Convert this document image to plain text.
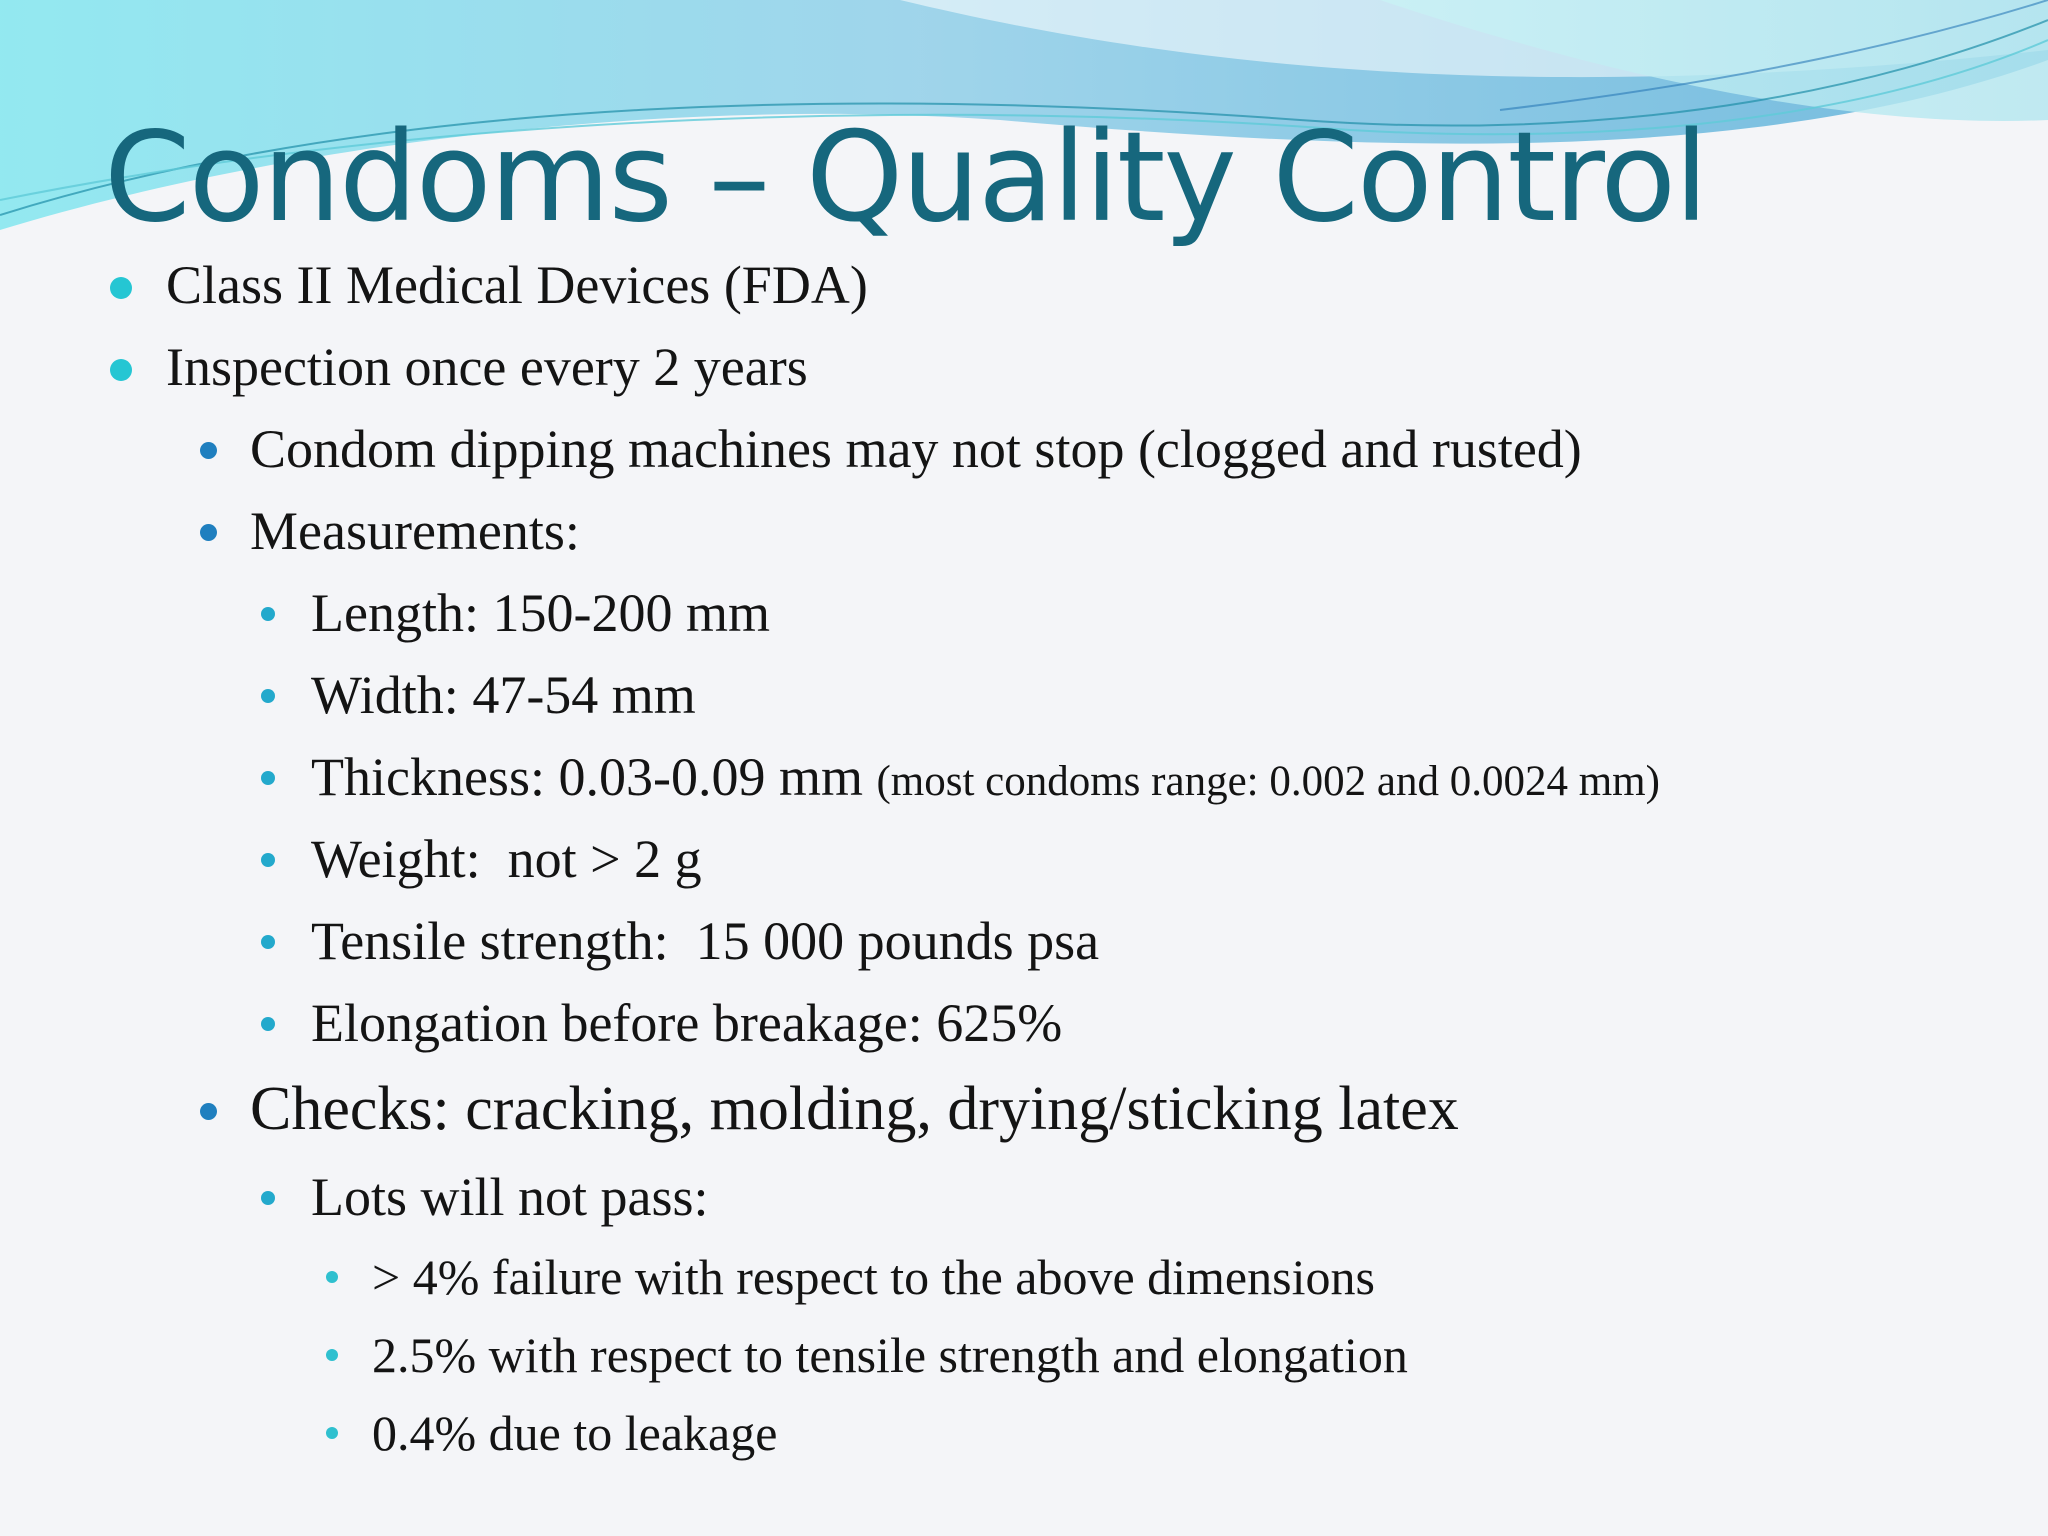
Condoms – Quality Control
Class II Medical Devices (FDA)
Inspection once every 2 years
Condom dipping machines may not stop (clogged and rusted)
Measurements:
Length: 150-200 mm
Width: 47-54 mm
Thickness: 0.03-0.09 mm (most condoms range: 0.002 and 0.0024 mm)
Weight:  not > 2 g
Tensile strength:  15 000 pounds psa
Elongation before breakage: 625%
Checks: cracking, molding, drying/sticking latex
Lots will not pass:
> 4% failure with respect to the above dimensions
2.5% with respect to tensile strength and elongation
0.4% due to leakage
